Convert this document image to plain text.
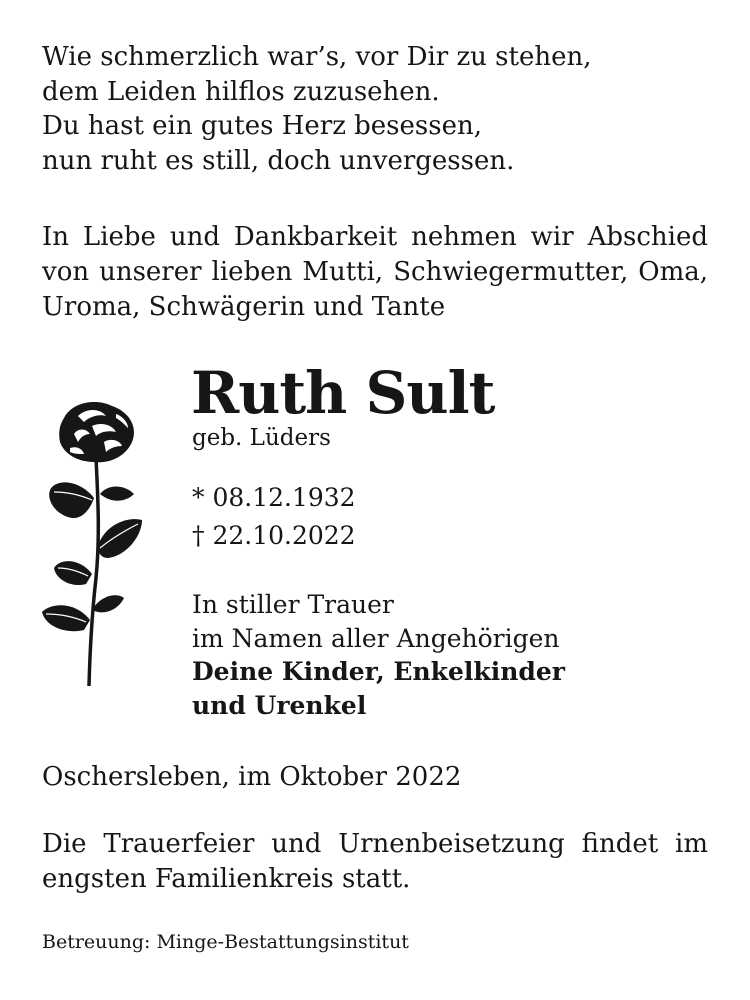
Wie schmerzlich war’s, vor Dir zu stehen,
dem Leiden hilflos zuzusehen.
Du hast ein gutes Herz besessen,
nun ruht es still, doch unvergessen.
In Liebe und Dankbarkeit nehmen wir Abschied
von unserer lieben Mutti, Schwiegermutter, Oma,
Uroma, Schwägerin und Tante
Ruth Sult
geb. Lüders
* 08.12.1932
† 22.10.2022
In stiller Trauer
im Namen aller Angehörigen
Deine Kinder, Enkelkinder
und Urenkel
Oschersleben, im Oktober 2022
Die Trauerfeier und Urnenbeisetzung findet im
engsten Familienkreis statt.
Betreuung: Minge-Bestattungsinstitut
